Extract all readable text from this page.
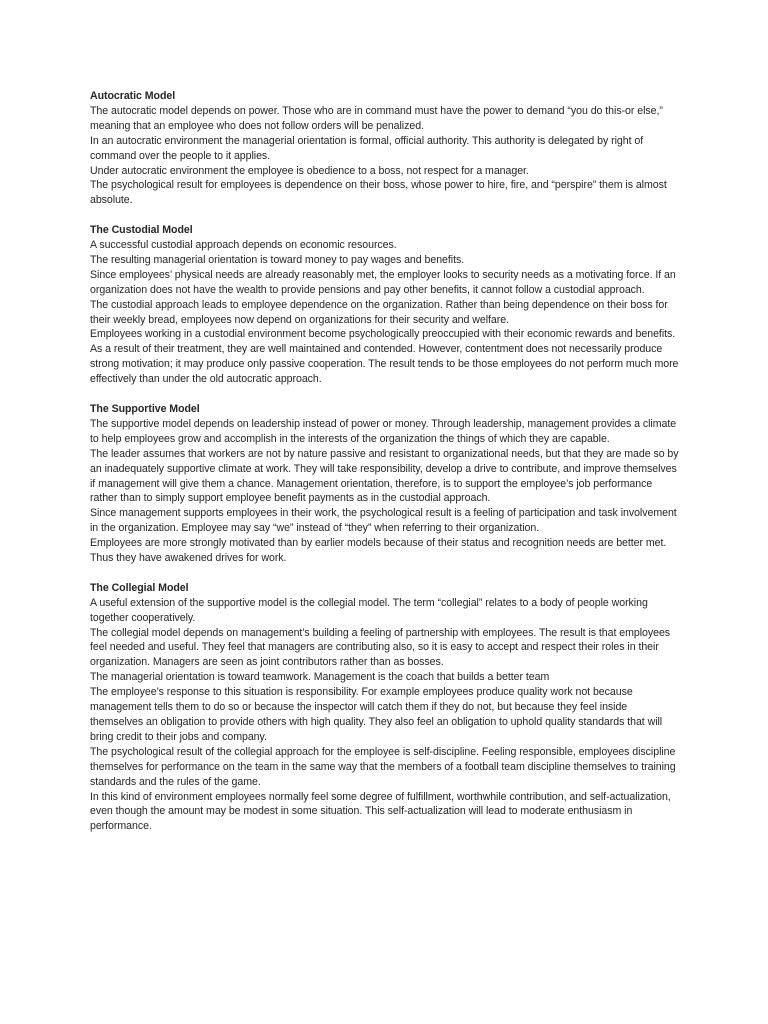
Autocratic Model

The autocratic model depends on power. Those who are in command must have the power to demand “you do this-or else,” meaning that an employee who does not follow orders will be penalized.

In an autocratic environment the managerial orientation is formal, official authority. This authority is delegated by right of command over the people to it applies.

Under autocratic environment the employee is obedience to a boss, not respect for a manager.

The psychological result for employees is dependence on their boss, whose power to hire, fire, and “perspire” them is almost absolute.

The Custodial Model

A successful custodial approach depends on economic resources.

The resulting managerial orientation is toward money to pay wages and benefits.

Since employees’ physical needs are already reasonably met, the employer looks to security needs as a motivating force. If an organization does not have the wealth to provide pensions and pay other benefits, it cannot follow a custodial approach.

The custodial approach leads to employee dependence on the organization. Rather than being dependence on their boss for their weekly bread, employees now depend on organizations for their security and welfare.

Employees working in a custodial environment become psychologically preoccupied with their economic rewards and benefits.

As a result of their treatment, they are well maintained and contended. However, contentment does not necessarily produce strong motivation; it may produce only passive cooperation. The result tends to be those employees do not perform much more effectively than under the old autocratic approach.

The Supportive Model

The supportive model depends on leadership instead of power or money. Through leadership, management provides a climate to help employees grow and accomplish in the interests of the organization the things of which they are capable.

The leader assumes that workers are not by nature passive and resistant to organizational needs, but that they are made so by an inadequately supportive climate at work. They will take responsibility, develop a drive to contribute, and improve themselves if management will give them a chance. Management orientation, therefore, is to support the employee’s job performance rather than to simply support employee benefit payments as in the custodial approach.

Since management supports employees in their work, the psychological result is a feeling of participation and task involvement in the organization. Employee may say “we” instead of “they” when referring to their organization.

Employees are more strongly motivated than by earlier models because of their status and recognition needs are better met. Thus they have awakened drives for work.

The Collegial Model

A useful extension of the supportive model is the collegial model. The term “collegial” relates to a body of people working together cooperatively.

The collegial model depends on management’s building a feeling of partnership with employees. The result is that employees feel needed and useful. They feel that managers are contributing also, so it is easy to accept and respect their roles in their organization. Managers are seen as joint contributors rather than as bosses.

The managerial orientation is toward teamwork. Management is the coach that builds a better team

The employee’s response to this situation is responsibility. For example employees produce quality work not because management tells them to do so or because the inspector will catch them if they do not, but because they feel inside themselves an obligation to provide others with high quality. They also feel an obligation to uphold quality standards that will bring credit to their jobs and company.

The psychological result of the collegial approach for the employee is self-discipline. Feeling responsible, employees discipline themselves for performance on the team in the same way that the members of a football team discipline themselves to training standards and the rules of the game.

In this kind of environment employees normally feel some degree of fulfillment, worthwhile contribution, and self-actualization, even though the amount may be modest in some situation. This self-actualization will lead to moderate enthusiasm in performance.
